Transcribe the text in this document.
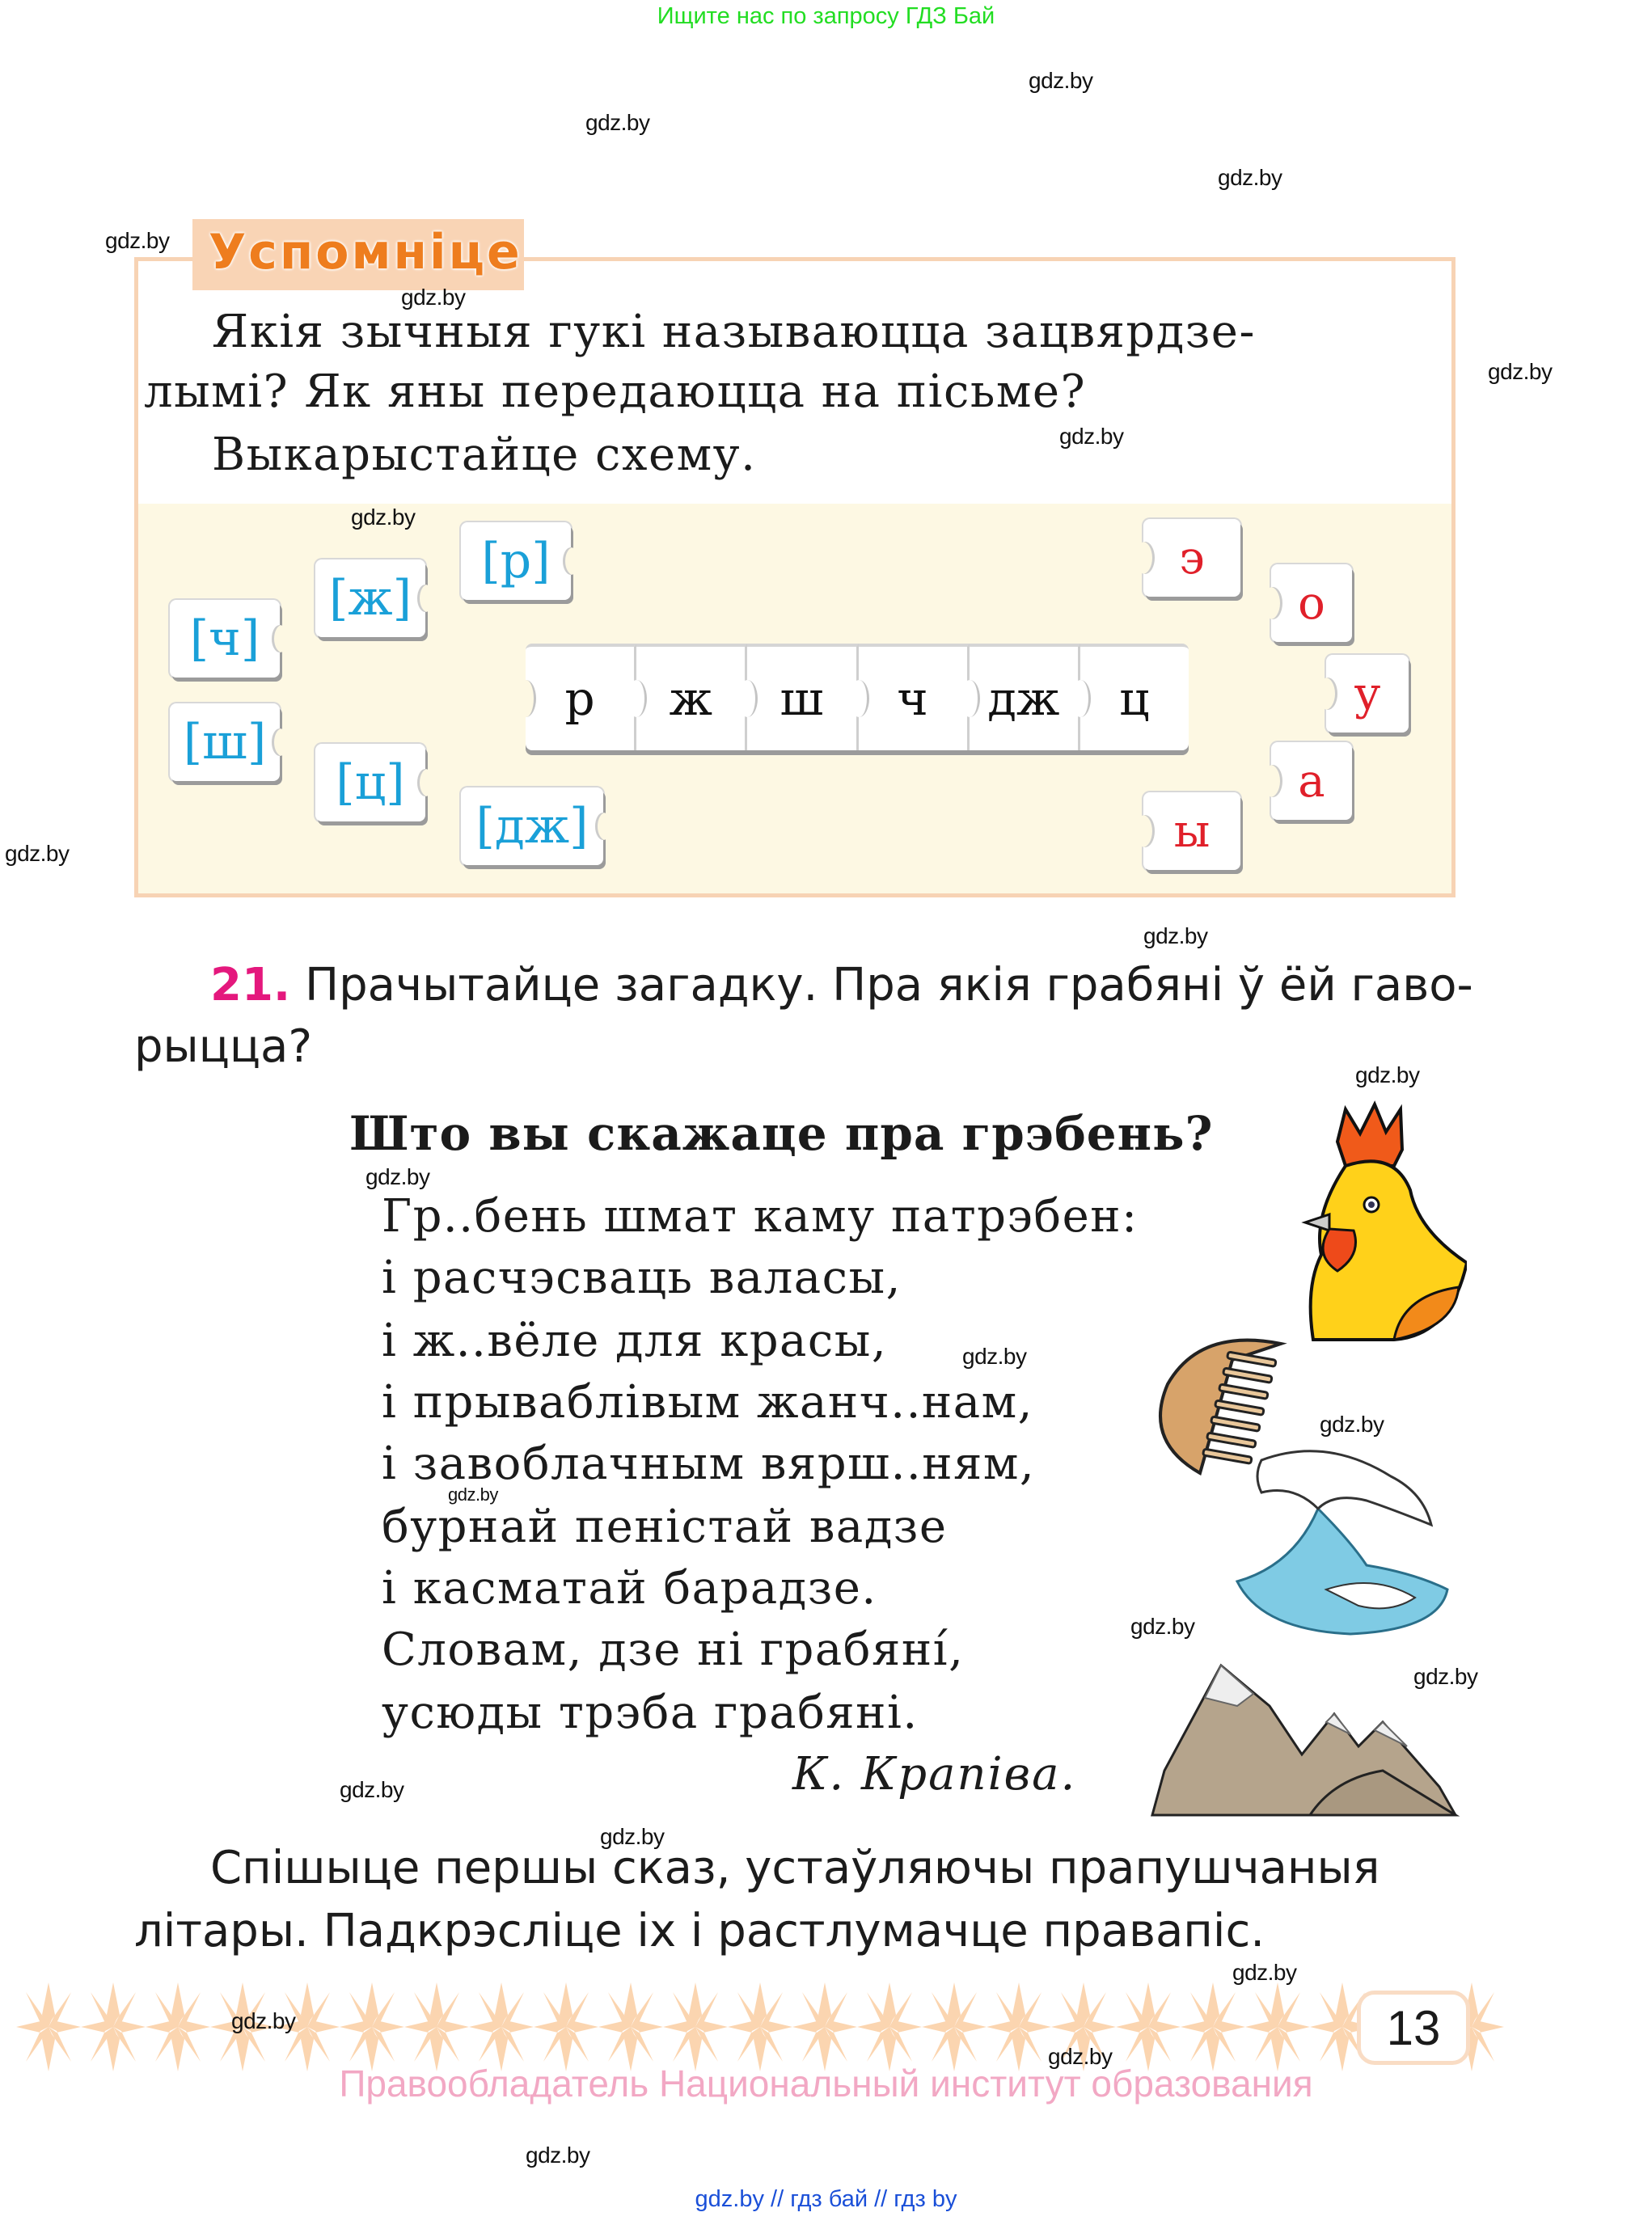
Ищите нас по запросу ГДЗ Бай
gdz.by
gdz.by
gdz.by
gdz.by Успомніце
Якія зычныя гукі называюцца зацвярдзе-
лымі? Як яны передаюцца на пісьме?
Выкарыстайце схему.
gdz.by
gdz.by
gdz.by
gdz.by
gdz.by
[ч]
[ш]
[ж]
[ц]
[р]
[дж]
р ж ш ч дж ц
э
о
у
а
ы
gdz.by
21. Прачытайце загадку. Пра якія грабяні ў ёй гаво-
рыцца?
gdz.by
Што вы скажаце пра грэбень?
gdz.by
Гр..бень шмат каму патрэбен:
і расчэсваць валасы,
і ж..вёле для красы,	gdz.by
і прываблівым жанч..нам,
і завоблачным вярш..ням,
gdz.by
бурнай пеністай вадзе
і касматай барадзе.
Словам, дзе ні грабяні́,
усюды трэба грабяні.
К. Крапіва.
gdz.by
gdz.by
gdz.by
gdz.by
gdz.by
Спішыце першы сказ, устаўляючы прапушчаныя
літары. Падкрэсліце іх і растлумачце правапіс.
gdz.by
13
gdz.by
gdz.by
Правообладатель Национальный институт образования
gdz.by
gdz.by // гдз бай // гдз by
